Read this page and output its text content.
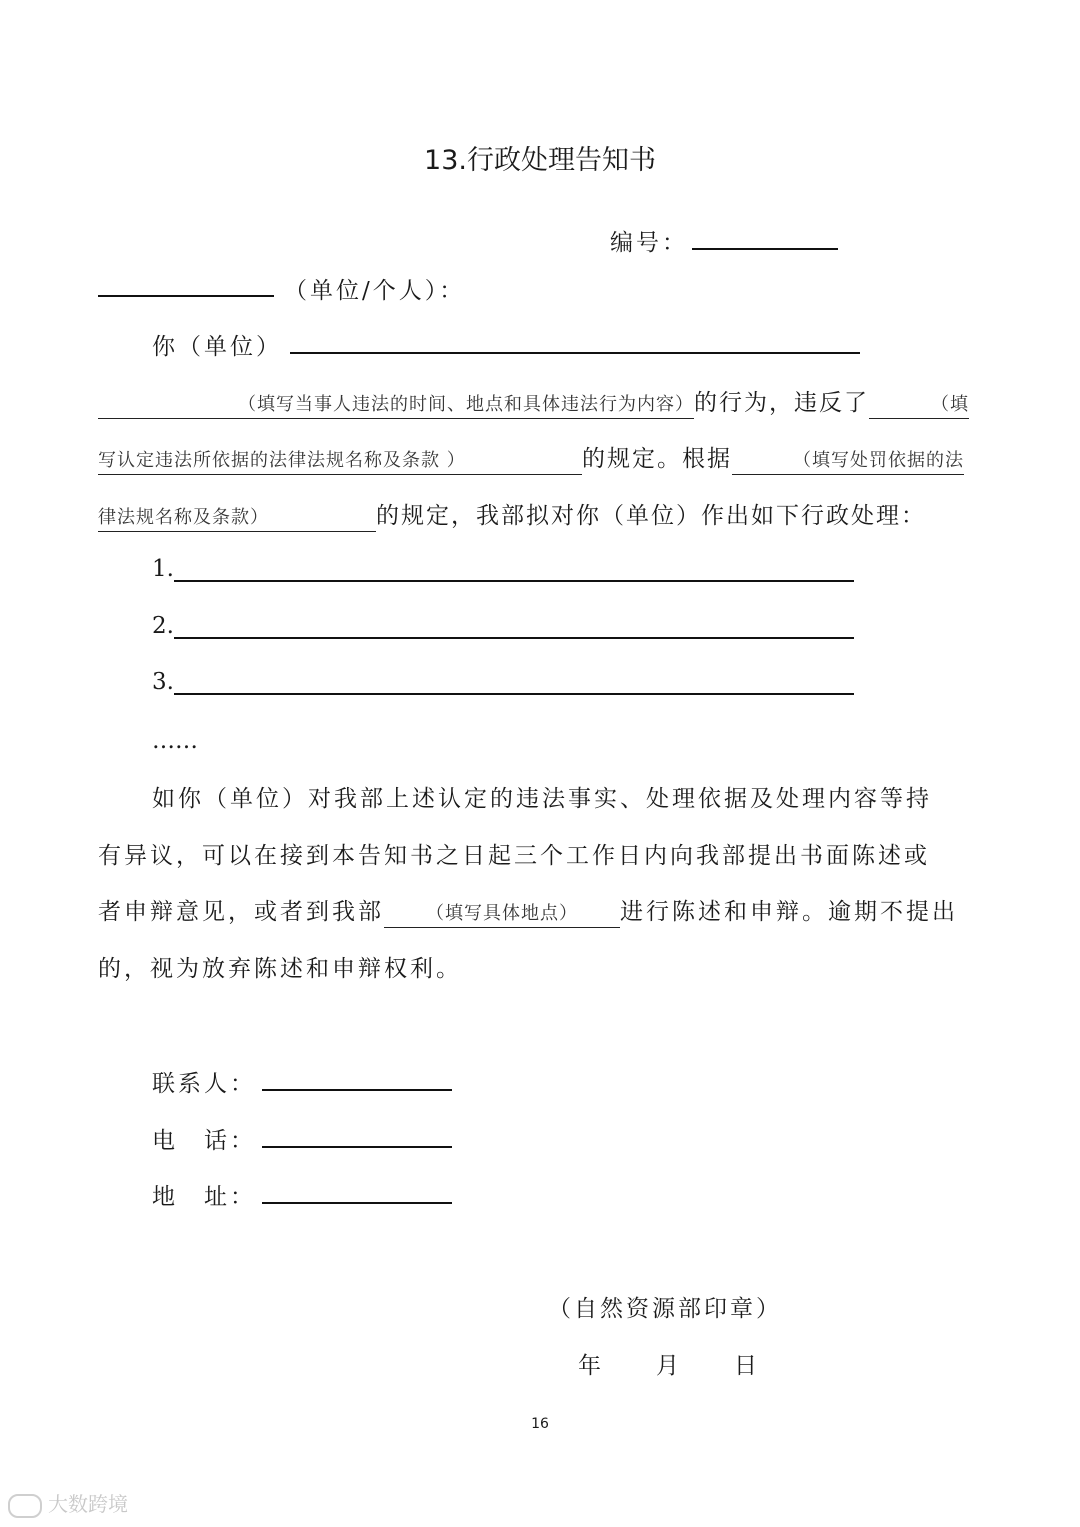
13.行政处理告知书
编号：
（单位/个人）：
你（单位）
（填写当事人违法的时间、地点和具体违法行为内容）的行为，违反了	（填
写认定违法所依据的法律法规名称及条款 ）	的规定。根据	（填写处罚依据的法
律法规名称及条款）	的规定，我部拟对你（单位）作出如下行政处理：
1.
2.
3.
……
如你（单位）对我部上述认定的违法事实、处理依据及处理内容等持
有异议，可以在接到本告知书之日起三个工作日内向我部提出书面陈述或
者申辩意见，或者到我部 （填写具体地点） 进行陈述和申辩。逾期不提出
的，视为放弃陈述和申辩权利。
联系人：
电　话：
地　址：
（自然资源部印章）
年　　月　　日
16
大数跨境
